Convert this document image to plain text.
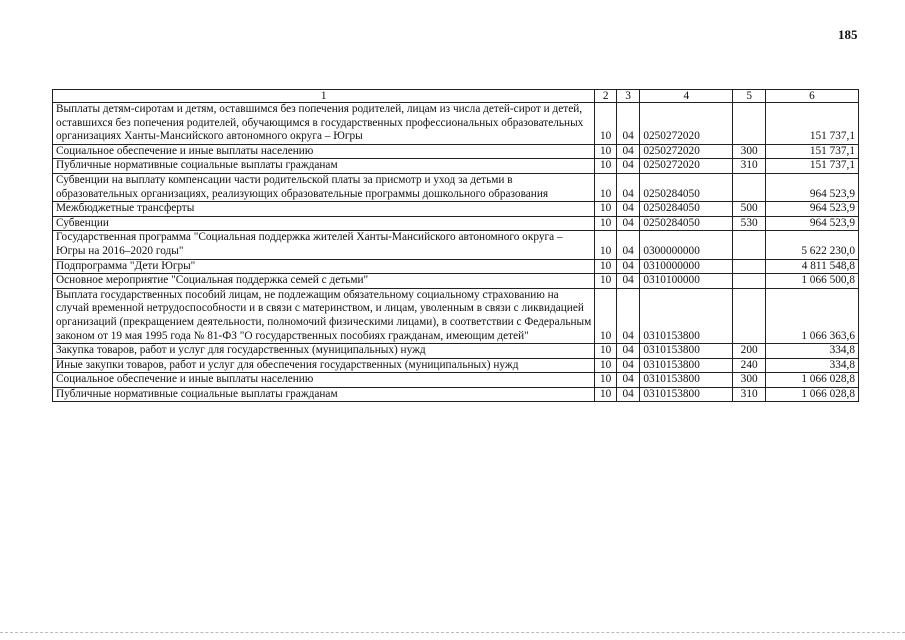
185
1	2	3	4	5	6
Выплаты детям-сиротам и детям, оставшимся без попечения родителей, лицам из числа детей-сирот и детей, оставшихся без попечения родителей, обучающимся в государственных профессиональных образовательных организациях Ханты-Мансийского автономного округа – Югры	10	04	0250272020		151 737,1
Социальное обеспечение и иные выплаты населению	10	04	0250272020	300	151 737,1
Публичные нормативные социальные выплаты гражданам	10	04	0250272020	310	151 737,1
Субвенции на выплату компенсации части родительской платы за присмотр и уход за детьми в образовательных организациях, реализующих образовательные программы дошкольного образования	10	04	0250284050		964 523,9
Межбюджетные трансферты	10	04	0250284050	500	964 523,9
Субвенции	10	04	0250284050	530	964 523,9
Государственная программа "Социальная поддержка жителей Ханты-Мансийского автономного округа – Югры на 2016–2020 годы"	10	04	0300000000		5 622 230,0
Подпрограмма "Дети Югры"	10	04	0310000000		4 811 548,8
Основное мероприятие "Социальная поддержка семей с детьми"	10	04	0310100000		1 066 500,8
Выплата государственных пособий лицам, не подлежащим обязательному социальному страхованию на случай временной нетрудоспособности и в связи с материнством, и лицам, уволенным в связи с ликвидацией организаций (прекращением деятельности, полномочий физическими лицами), в соответствии с Федеральным законом от 19 мая 1995 года № 81-ФЗ "О государственных пособиях гражданам, имеющим детей"	10	04	0310153800		1 066 363,6
Закупка товаров, работ и услуг для государственных (муниципальных) нужд	10	04	0310153800	200	334,8
Иные закупки товаров, работ и услуг для обеспечения государственных (муниципальных) нужд	10	04	0310153800	240	334,8
Социальное обеспечение и иные выплаты населению	10	04	0310153800	300	1 066 028,8
Публичные нормативные социальные выплаты гражданам	10	04	0310153800	310	1 066 028,8
